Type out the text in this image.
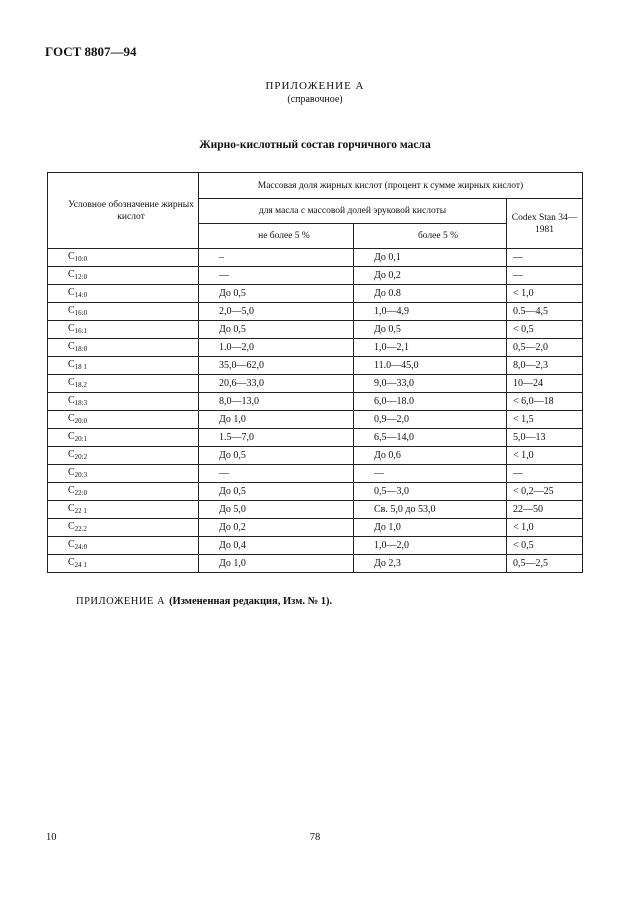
ГОСТ 8807—94
ПРИЛОЖЕНИЕ А
(справочное)
Жирно-кислотный состав горчичного масла
Условное обозначение жирных кислот	Массовая доля жирных кислот (процент к сумме жирных кислот)		
	для масла с массовой долей эруковой кислоты		Codex Stan 34—1981
	не более 5 %	более 5 %	
$C_{10:0}$	–	До 0,1	—
$C_{12:0}$	—	До 0,2	—
$C_{14:0}$	До 0,5	До 0.8	< 1,0
$C_{16:0}$	2,0—5,0	1,0—4,9	0.5—4,5
$C_{16:1}$	До 0,5	До 0,5	< 0,5
$C_{18:0}$	1.0—2,0	1,0—2,1	0,5—2,0
$C_{18 1}$	35,0—62,0	11.0—45,0	8,0—2,3
$C_{18.2}$	20,6—33,0	9,0—33,0	10—24
$C_{18:3}$	8,0—13,0	6,0—18.0	< 6,0—18
$C_{20:0}$	До 1,0	0,9—2,0	< 1,5
$C_{20:1}$	1.5—7,0	6,5—14,0	5,0—13
$C_{20:2}$	До 0,5	До 0,6	< 1,0
$C_{20:3}$	—	—	—
$C_{22:0}$	До 0,5	0,5—3,0	< 0,2—25
$C_{22 1}$	До 5,0	Св. 5,0 до 53,0	22—50
$C_{22.2}$	До 0,2	До 1,0	< 1,0
$C_{24:0}$	До 0,4	1,0—2,0	< 0,5
$C_{24 1}$	До 1,0	До 2,3	0,5—2,5
ПРИЛОЖЕНИЕ А (Измененная редакция, Изм. № 1).
10	78
